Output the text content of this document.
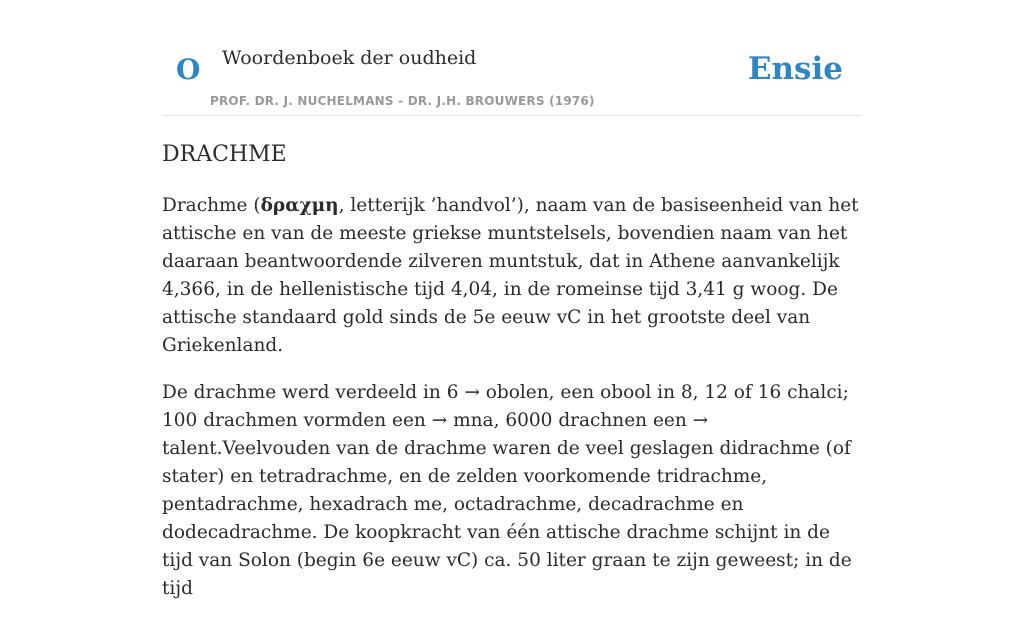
O Woordenboek der oudheid
PROF. DR. J. NUCHELMANS - DR. J.H. BROUWERS (1976)
Ensie
DRACHME

Drachme (δραχμη, letterijk ’handvol’), naam van de basiseenheid van het attische en van de meeste griekse muntstelsels, bovendien naam van het daaraan beantwoordende zilveren muntstuk, dat in Athene aanvankelijk 4,366, in de hellenistische tijd 4,04, in de romeinse tijd 3,41 g woog. De attische standaard gold sinds de 5e eeuw vC in het grootste deel van Griekenland.

De drachme werd verdeeld in 6 → obolen, een obool in 8, 12 of 16 chalci; 100 drachmen vormden een → mna, 6000 drachnen een → talent.Veelvouden van de drachme waren de veel geslagen didrachme (of stater) en tetradrachme, en de zelden voorkomende tridrachme, pentadrachme, hexadrach me, octadrachme, decadrachme en dodecadrachme. De koopkracht van één attische drachme schijnt in de tijd van Solon (begin 6e eeuw vC) ca. 50 liter graan te zijn geweest; in de tijd
